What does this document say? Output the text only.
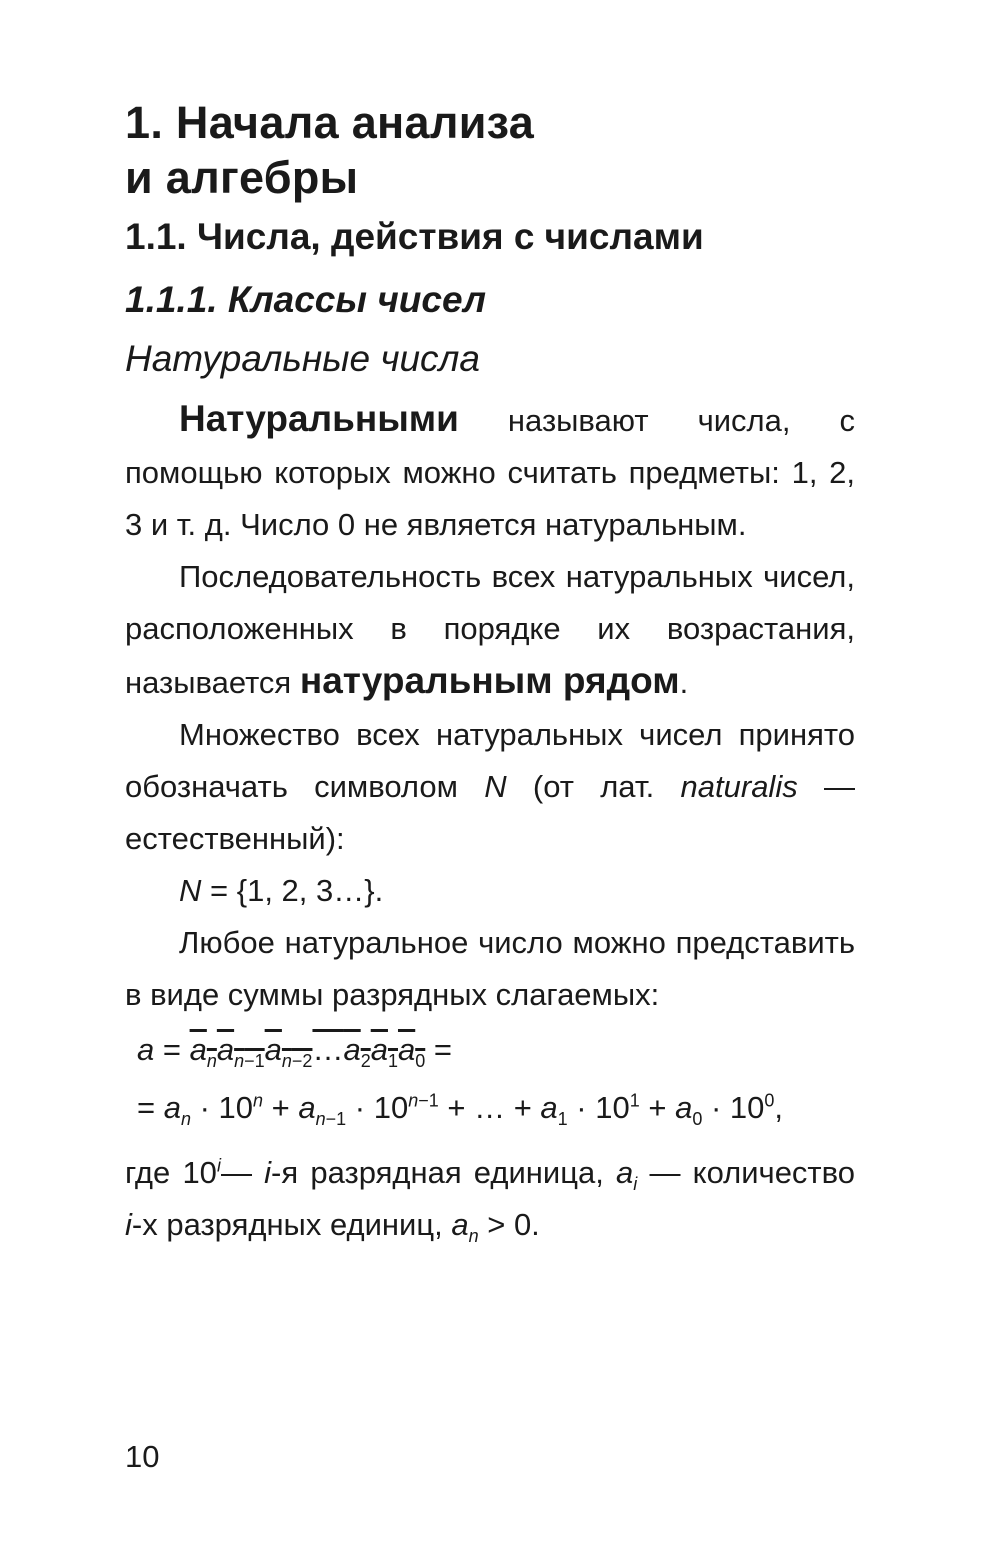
1. Начала анализа
и алгебры
1.1. Числа, действия с числами
1.1.1. Классы чисел
Натуральные числа

Натуральными называют числа, с помощью которых можно считать предметы: 1, 2, 3 и т. д. Число 0 не является натуральным.

Последовательность всех натуральных чисел, расположенных в порядке их возрастания, называется натуральным рядом.

Множество всех натуральных чисел принято обозначать символом N (от лат. naturalis — естественный):

N = {1, 2, 3…}.

Любое натуральное число можно представить в виде суммы разрядных слагаемых:

$a = a_na_{n-1}a_{n-2}\dots a_2a_1a_0$ =
= $a_n \cdot 10^n + a_{n-1} \cdot 10^{n-1}$ + … + $a_1 \cdot 10^1 + a_0 \cdot 10^0$,

где 10$^i$— i-я разрядная единица, $a_i$ — количество i-х разрядных единиц, $a_n > 0$.

10
